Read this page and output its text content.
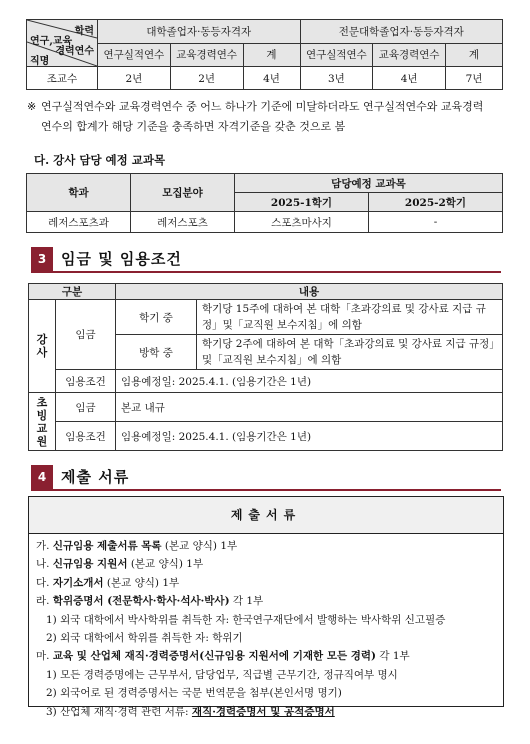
학력
연구,교육
경력연수
직명	대학졸업자·동등자격자			전문대학졸업자·동등자격자		
	연구실적연수	교육경력연수	계	연구실적연수	교육경력연수	계
조교수	2년	2년	4년	3년	4년	7년
※ 연구실적연수와 교육경력연수 중 어느 하나가 기준에 미달하더라도 연구실적연수와 교육경력
연수의 합계가 해당 기준을 충족하면 자격기준을 갖춘 것으로 봄
다. 강사 담당 예정 교과목
학과	모집분야	담당예정 교과목	
		2025-1학기	2025-2학기
레저스포츠과	레저스포츠	스포츠마사지	-
3 임금 및 임용조건
구분		내용	

강
사	임금	학기 중	학기당 15주에 대하여 본 대학「초과강의료 및 강사료 지급 규정」및「교직원 보수지침」에 의함
		방학 중	학기당 2주에 대하여 본 대학「초과강의료 및 강사료 지급 규정」및「교직원 보수지침」에 의함
	임용조건	임용예정일: 2025.4.1. (임용기간은 1년)	

초빙교원	임금	본교 내규	
	임용조건	임용예정일: 2025.4.1. (임용기간은 1년)	
4 제출 서류
제출서류
가. 신규임용 제출서류 목록 (본교 양식) 1부
나. 신규임용 지원서 (본교 양식) 1부
다. 자기소개서 (본교 양식) 1부
라. 학위증명서 (전문학사·학사·석사·박사) 각 1부
1) 외국 대학에서 박사학위를 취득한 자: 한국연구재단에서 발행하는 박사학위 신고필증
2) 외국 대학에서 학위를 취득한 자: 학위기
마. 교육 및 산업체 재직·경력증명서(신규임용 지원서에 기재한 모든 경력) 각 1부
1) 모든 경력증명에는 근무부서, 담당업무, 직급별 근무기간, 정규직여부 명시
2) 외국어로 된 경력증명서는 국문 번역문을 첨부(본인서명 명기)
3) 산업체 재직·경력 관련 서류: 재직·경력증명서 및 공적증명서
